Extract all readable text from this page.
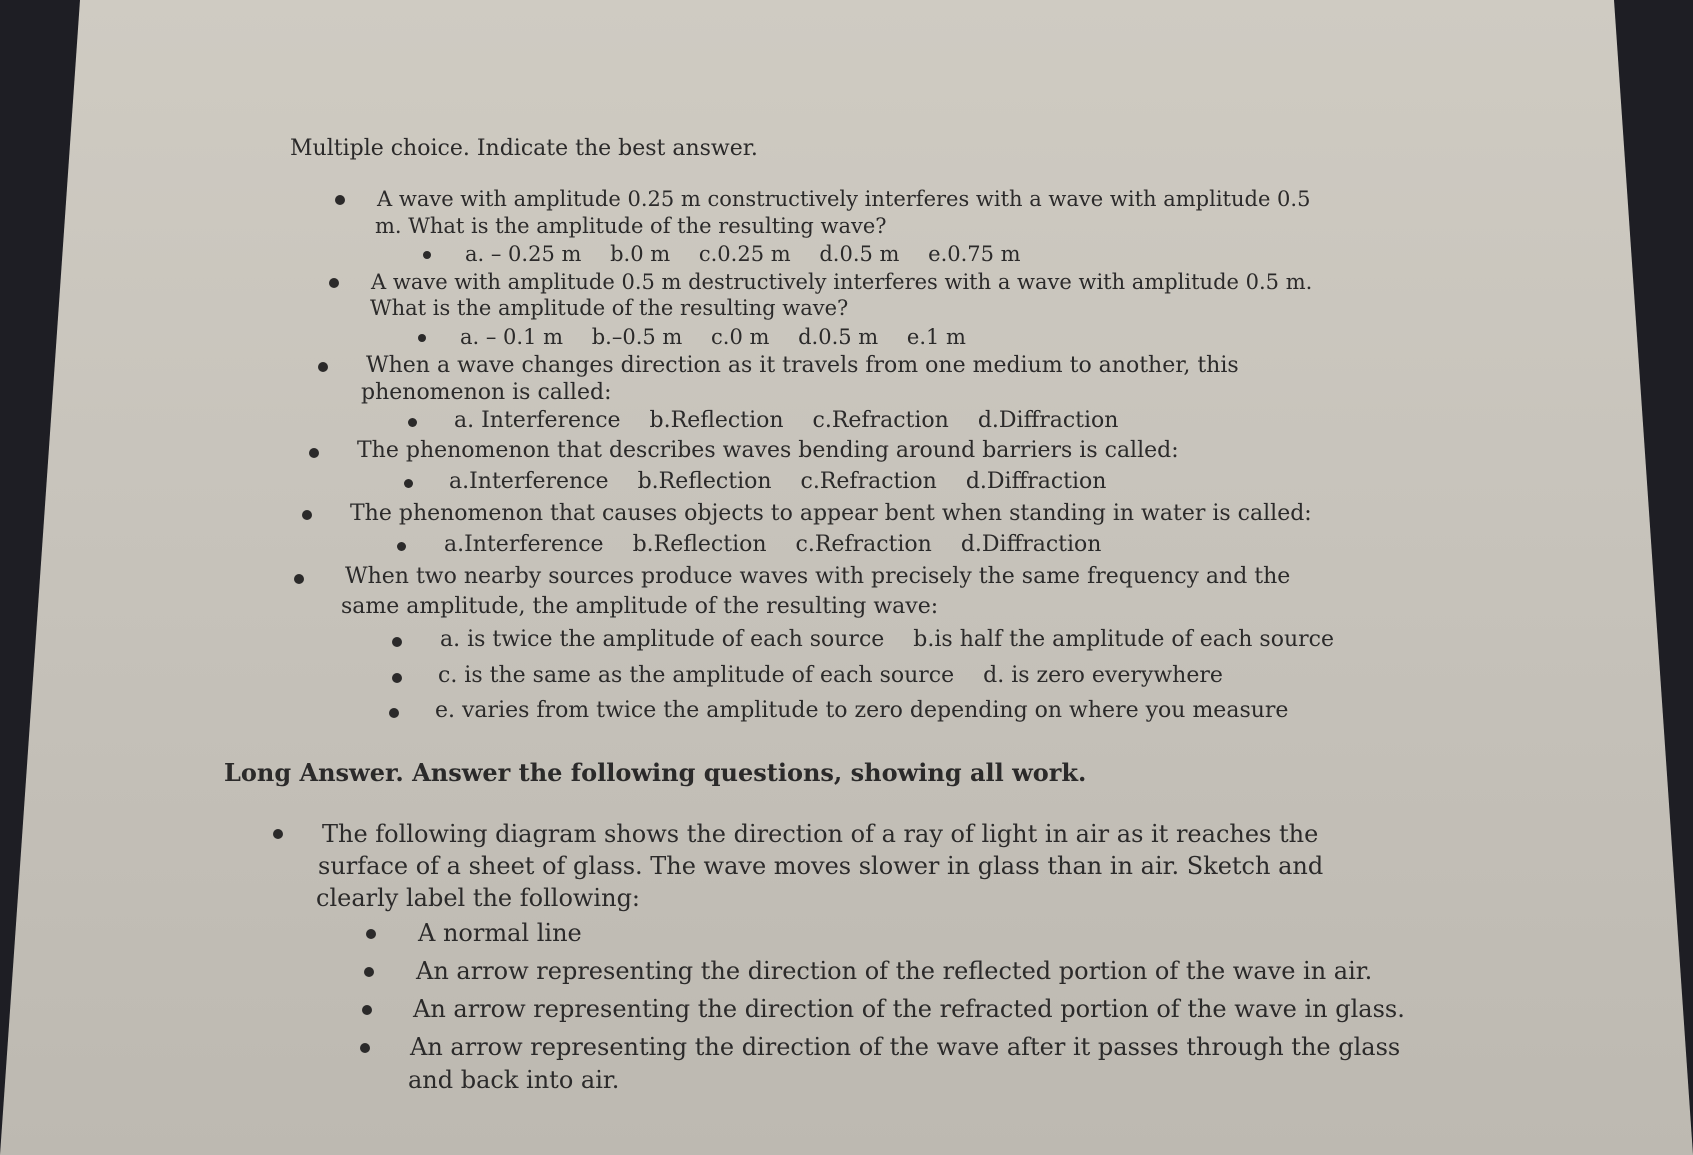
Multiple choice. Indicate the best answer.
A wave with amplitude 0.25 m constructively interferes with a wave with amplitude 0.5
m. What is the amplitude of the resulting wave?
a. – 0.25 m b.0 m c.0.25 m d.0.5 m e.0.75 m
A wave with amplitude 0.5 m destructively interferes with a wave with amplitude 0.5 m.
What is the amplitude of the resulting wave?
a. – 0.1 m b.–0.5 m c.0 m d.0.5 m e.1 m
When a wave changes direction as it travels from one medium to another, this
phenomenon is called:
a. Interference b.Reflection c.Refraction d.Diffraction
The phenomenon that describes waves bending around barriers is called:
a.Interference b.Reflection c.Refraction d.Diffraction
The phenomenon that causes objects to appear bent when standing in water is called:
a.Interference b.Reflection c.Refraction d.Diffraction
When two nearby sources produce waves with precisely the same frequency and the
same amplitude, the amplitude of the resulting wave:
a. is twice the amplitude of each source b.is half the amplitude of each source
c. is the same as the amplitude of each source d. is zero everywhere
e. varies from twice the amplitude to zero depending on where you measure
Long Answer. Answer the following questions, showing all work.
The following diagram shows the direction of a ray of light in air as it reaches the
surface of a sheet of glass. The wave moves slower in glass than in air. Sketch and
clearly label the following:
A normal line
An arrow representing the direction of the reflected portion of the wave in air.
An arrow representing the direction of the refracted portion of the wave in glass.
An arrow representing the direction of the wave after it passes through the glass
and back into air.
